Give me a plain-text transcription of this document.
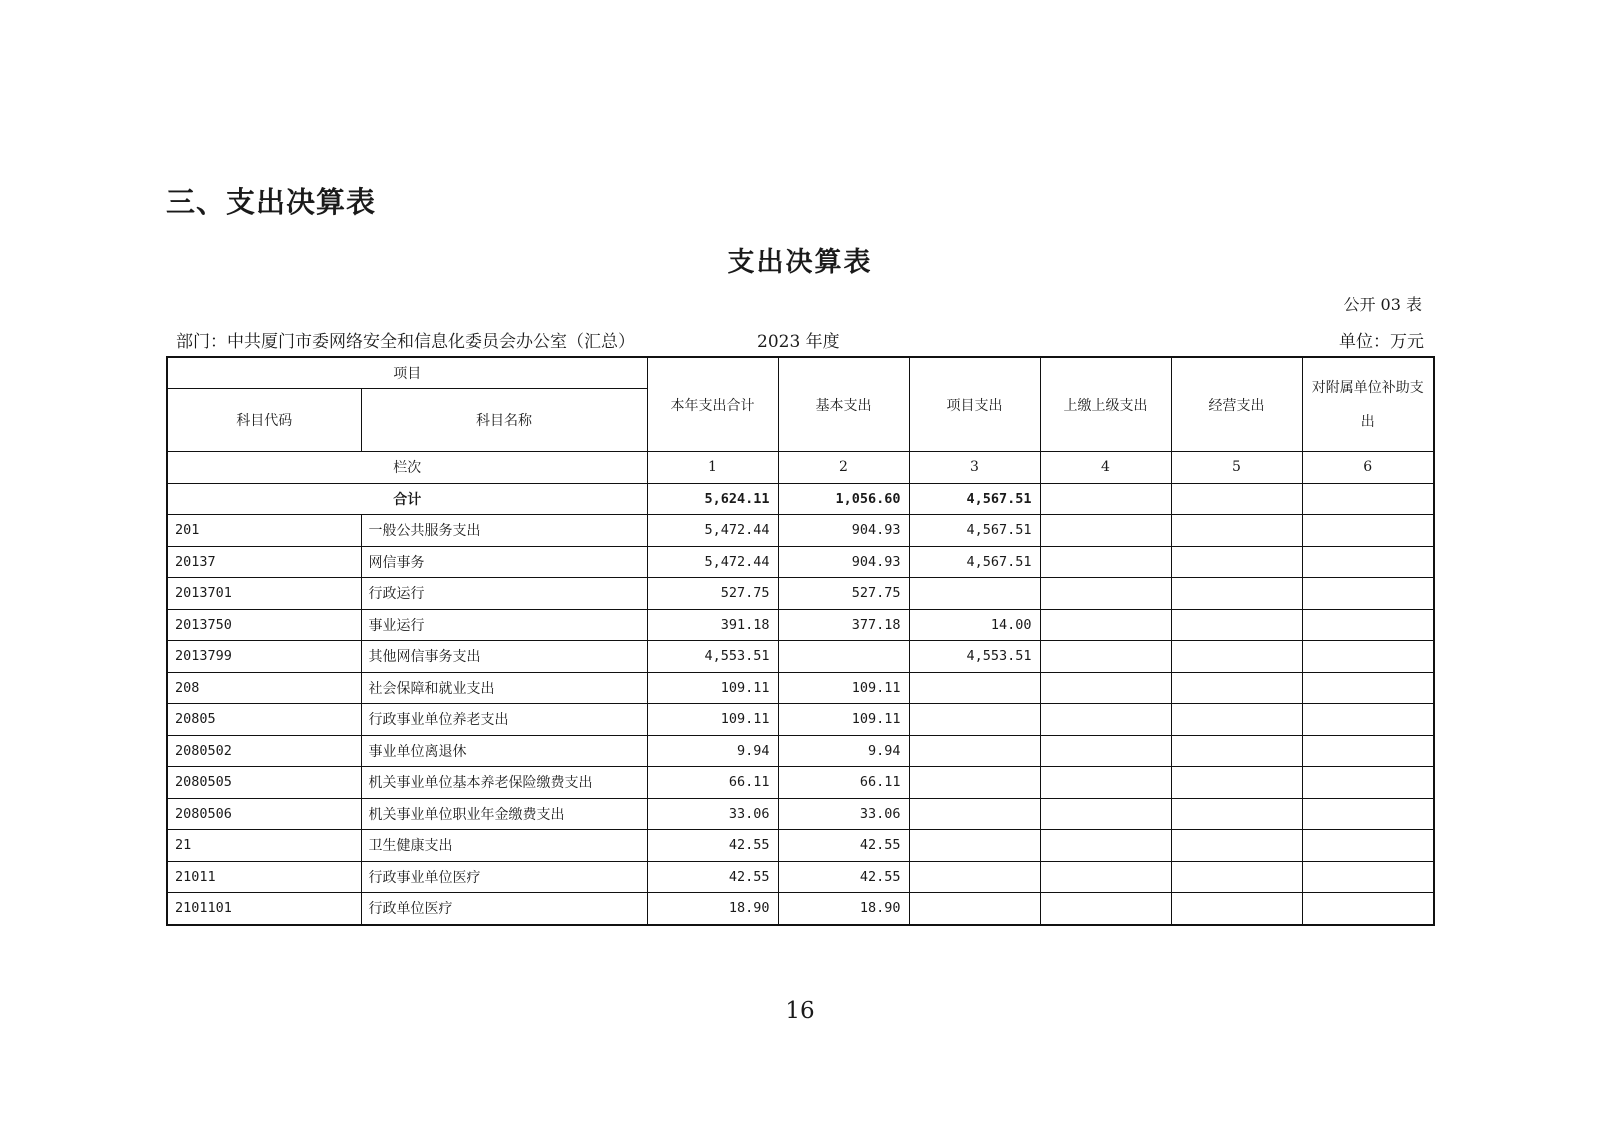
三、支出决算表
支出决算表
公开 03 表
部门：中共厦门市委网络安全和信息化委员会办公室（汇总）	2023 年度	单位：万元
项目		本年支出合计	基本支出	项目支出	上缴上级支出	经营支出	对附属单位补助支出
科目代码	科目名称						
栏次		1	2	3	4	5	6
合计		5,624.11	1,056.60	4,567.51			
201	一般公共服务支出	5,472.44	904.93	4,567.51			
20137	网信事务	5,472.44	904.93	4,567.51			
2013701	行政运行	527.75	527.75				
2013750	事业运行	391.18	377.18	14.00			
2013799	其他网信事务支出	4,553.51		4,553.51			
208	社会保障和就业支出	109.11	109.11				
20805	行政事业单位养老支出	109.11	109.11				
2080502	事业单位离退休	9.94	9.94				
2080505	机关事业单位基本养老保险缴费支出	66.11	66.11				
2080506	机关事业单位职业年金缴费支出	33.06	33.06				
21	卫生健康支出	42.55	42.55				
21011	行政事业单位医疗	42.55	42.55				
2101101	行政单位医疗	18.90	18.90				
16
